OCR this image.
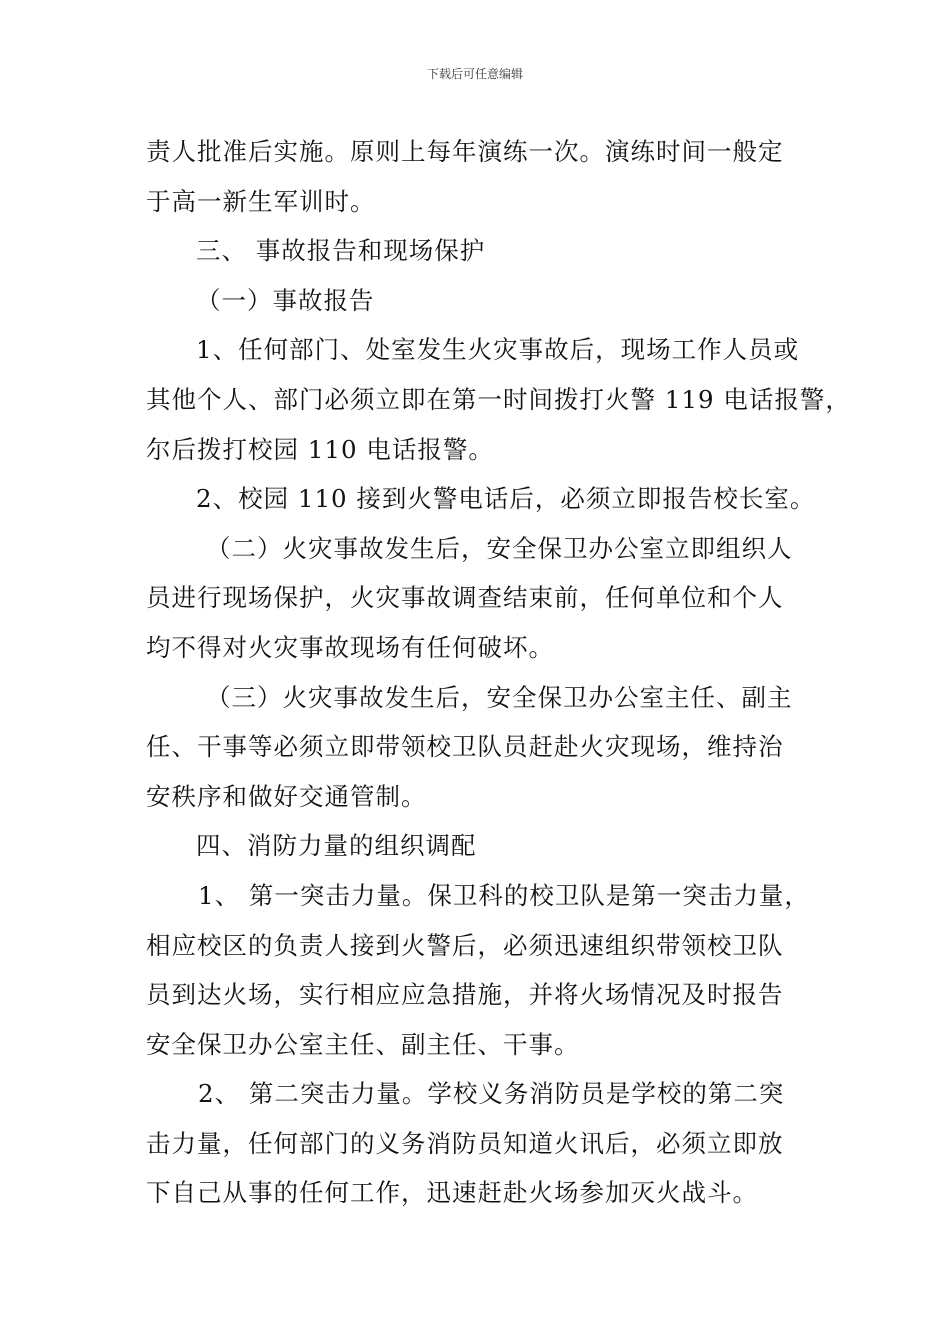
下载后可任意编辑

责人批准后实施。原则上每年演练一次。演练时间一般定

于高一新生军训时。

三、 事故报告和现场保护

（一）事故报告

1、任何部门、处室发生火灾事故后，现场工作人员或

其他个人、部门必须立即在第一时间拨打火警 119 电话报警，

尔后拨打校园 110 电话报警。

2、校园 110 接到火警电话后，必须立即报告校长室。

（二）火灾事故发生后，安全保卫办公室立即组织人

员进行现场保护，火灾事故调查结束前，任何单位和个人

均不得对火灾事故现场有任何破坏。

（三）火灾事故发生后，安全保卫办公室主任、副主

任、干事等必须立即带领校卫队员赶赴火灾现场，维持治

安秩序和做好交通管制。

四、消防力量的组织调配

1、 第一突击力量。保卫科的校卫队是第一突击力量，

相应校区的负责人接到火警后，必须迅速组织带领校卫队

员到达火场，实行相应应急措施，并将火场情况及时报告

安全保卫办公室主任、副主任、干事。

2、 第二突击力量。学校义务消防员是学校的第二突

击力量，任何部门的义务消防员知道火讯后，必须立即放

下自己从事的任何工作，迅速赶赴火场参加灭火战斗。
